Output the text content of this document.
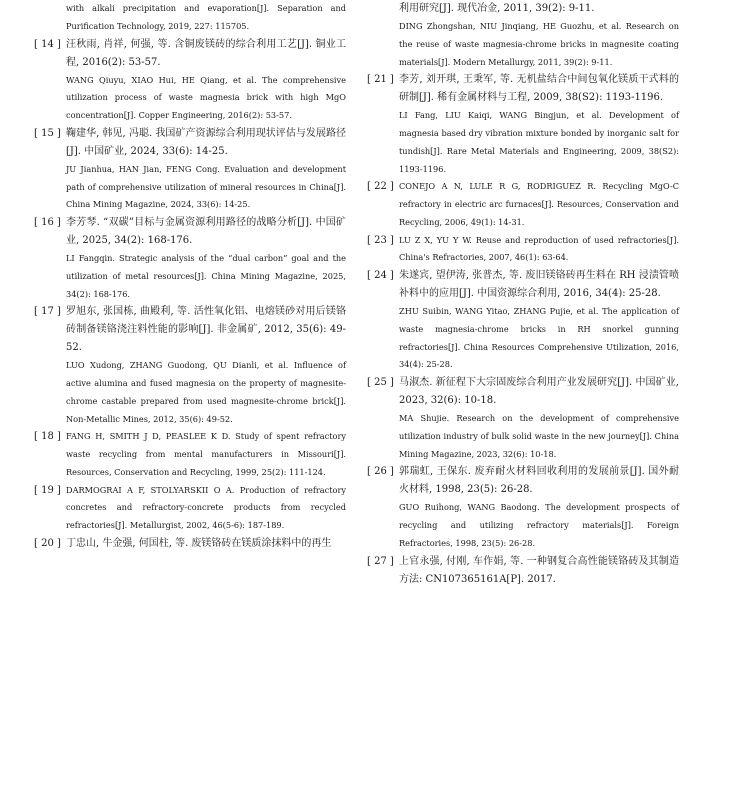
with alkali precipitation and evaporation[J]. Separation and Purification Technology, 2019, 227: 115705.
[ 14 ] 汪秋雨, 肖祥, 何强, 等. 含铜废镁砖的综合利用工艺[J]. 铜业工程, 2016(2): 53-57.
WANG Qiuyu, XIAO Hui, HE Qiang, et al. The comprehensive utilization process of waste magnesia brick with high MgO concentration[J]. Copper Engineering, 2016(2): 53-57.
[ 15 ] 鞠建华, 韩见, 冯聪. 我国矿产资源综合利用现状评估与发展路径[J]. 中国矿业, 2024, 33(6): 14-25.
JU Jianhua, HAN Jian, FENG Cong. Evaluation and development path of comprehensive utilization of mineral resources in China[J]. China Mining Magazine, 2024, 33(6): 14-25.
[ 16 ] 李芳琴. “双碳”目标与金属资源利用路径的战略分析[J]. 中国矿业, 2025, 34(2): 168-176.
LI Fangqin. Strategic analysis of the “dual carbon” goal and the utilization of metal resources[J]. China Mining Magazine, 2025, 34(2): 168-176.
[ 17 ] 罗旭东, 张国栋, 曲殿利, 等. 活性氧化铝、电熔镁砂对用后镁铬砖制备镁铬浇注料性能的影响[J]. 非金属矿, 2012, 35(6): 49-52.
LUO Xudong, ZHANG Guodong, QU Dianli, et al. Influence of active alumina and fused magnesia on the property of magnesite-chrome castable prepared from used magnesite-chrome brick[J]. Non-Metallic Mines, 2012, 35(6): 49-52.
[ 18 ] FANG H, SMITH J D, PEASLEE K D. Study of spent refractory waste recycling from mental manufacturers in Missouri[J]. Resources, Conservation and Recycling, 1999, 25(2): 111-124.
[ 19 ] DARMOGRAI A F, STOLYARSKII O A. Production of refractory concretes and refractory-concrete products from recycled refractories[J]. Metallurgist, 2002, 46(5-6): 187-189.
[ 20 ] 丁忠山, 牛金强, 何国柱, 等. 废镁铬砖在镁质涂抹料中的再生
利用研究[J]. 现代冶金, 2011, 39(2): 9-11.
DING Zhongshan, NIU Jinqiang, HE Guozhu, et al. Research on the reuse of waste magnesia-chrome bricks in magnesite coating materials[J]. Modern Metallurgy, 2011, 39(2): 9-11.
[ 21 ] 李芳, 刘开琪, 王秉军, 等. 无机盐结合中间包氧化镁质干式料的研制[J]. 稀有金属材料与工程, 2009, 38(S2): 1193-1196.
LI Fang, LIU Kaiqi, WANG Bingjun, et al. Development of magnesia based dry vibration mixture bonded by inorganic salt for tundish[J]. Rare Metal Materials and Engineering, 2009, 38(S2): 1193-1196.
[ 22 ] CONEJO A N, LULE R G, RODRIGUEZ R. Recycling MgO-C refractory in electric arc furnaces[J]. Resources, Conservation and Recycling, 2006, 49(1): 14-31.
[ 23 ] LU Z X, YU Y W. Reuse and reproduction of used refractories[J]. China's Refractories, 2007, 46(1): 63-64.
[ 24 ] 朱遂宾, 望伊涛, 张普杰, 等. 废旧镁铬砖再生料在 RH 浸渍管喷补料中的应用[J]. 中国资源综合利用, 2016, 34(4): 25-28.
ZHU Suibin, WANG Yitao, ZHANG Pujie, et al. The application of waste magnesia-chrome bricks in RH snorkel gunning refractories[J]. China Resources Comprehensive Utilization, 2016, 34(4): 25-28.
[ 25 ] 马淑杰. 新征程下大宗固废综合利用产业发展研究[J]. 中国矿业, 2023, 32(6): 10-18.
MA Shujie. Research on the development of comprehensive utilization industry of bulk solid waste in the new journey[J]. China Mining Magazine, 2023, 32(6): 10-18.
[ 26 ] 郭瑞虹, 王保东. 废弃耐火材料回收利用的发展前景[J]. 国外耐火材料, 1998, 23(5): 26-28.
GUO Ruihong, WANG Baodong. The development prospects of recycling and utilizing refractory materials[J]. Foreign Refractories, 1998, 23(5): 26-28.
[ 27 ] 上官永强, 付刚, 车作娟, 等. 一种钢复合高性能镁铬砖及其制造方法: CN107365161A[P]. 2017.
